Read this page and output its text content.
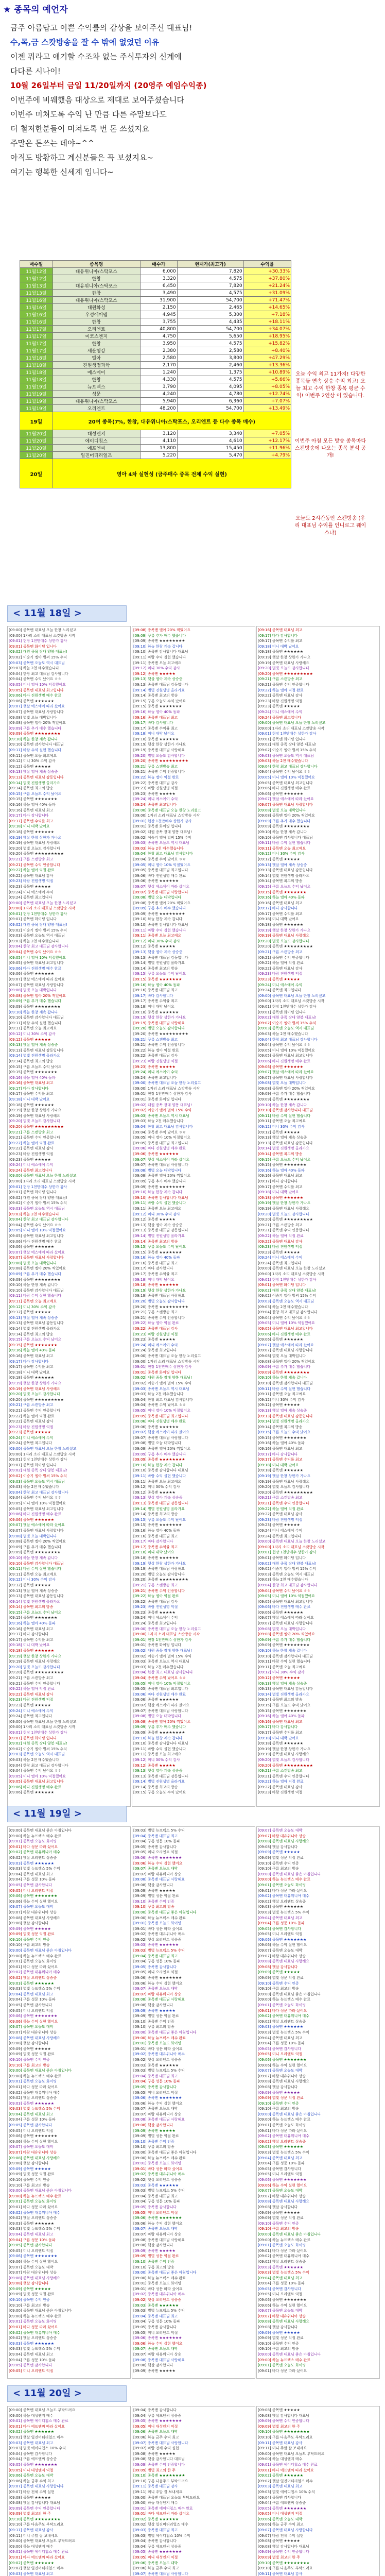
★ 종목의 예언자

금주 아름답고 이쁜 수익률의 감상을 보여주신 대표님!

수,목,금 스캇방송을 잘 수 밖에 없었던 이유

이젠 뭐라고 얘기할 수조차 없는 주식투자의 신계에

다다른 시나이!

10월 26일부터 금일 11/20일까지 (20영주 예임수익종)

이번주에 비웨했음 대상으로 제대로 보여주셨습니다

이번주 미쳐도록 수익 난 만큼 다른 주말보다도

더 철저한분들이 미쳐도록 번 돈 쓰셨지요

주말은 돈쓰는 데야~^^

아직도 방황하고 계신분들은 꼭 보셨지요~

여기는 행복한 신세계 입니다~

매수일	종목명	매수가	현재가(최고가)	수익률
11월12일	대유위니아/스탁포스	6,000	7,820	+30.33%
11월12일	한창	3,320	4,575	+37.80%
11월13일	대유위니아/스탁포스	6,450	7,820	+21.24%
11월13일	한창	3,490	4,575	+31.09%
11월16일	대유위니아/스탁포스	31,900	54,700	+71.47%
11월16일	대원화성	2,150	2,465	+14.65%
11월16일	우성에이엠	4,945	5,300	+7.18%
11월16일	한창	3,755	4,435	+18.11%
11월17일	오리엔트	40,800	54,700	+34.07%
11월17일	미코스엔지	4,750	5,650	+18.95%
11월17일	한창	3,950	4,575	+15.82%
11월17일	세운행강	2,380	2,580	+8.40%
11월18일	엘아	2,580	3,800	+47.29%
11월18일	진원생명과학	2,170	2,460	+13.36%
11월18일	에스에이	1,240	1,375	+10.89%
11월18일	한창	4,330	4,575	+5.66%
11월19일	뉴프렉스	3,790	4,095	+8.05%
11월19일	성문	4,240	4,780	+12.74%
11월19일	대유위니아/스탁포스	5,940	6,360	+7.07%
11월19일	오리엔트	48,200	54,700	+13.49%
19일	20여 종목(7%, 한창, 대유위니아/스탁포스, 오리엔트 등 다수 종목 매수)			
11월20일	대성엔지	3,120	3,340	+7.05%
11월20일	에이디칩스	4,110	4,610	+12.17%
11월20일	에프엔씨	13,800	15,450	+11.96%
11월20일	일진머티리얼즈	5,220	5,470	+4.79%
20일	영아 4차 실현성 (금주매수 중목 전체 수익 실현)			
오늘 수익 최고 11가지! 다양한 종목들 연속 상승 수익 최고! 오늘 최고 수익 한창 종목 평균 수익! 이번주 2연상 이 있습니다.
이번주 아침 모든 방송 종목마다 스캔방송에 나오는 종목 분석 공개!
오늘도 2시간동안 스캔방송 (우리 대표님 수익률 인니로그 웨이스냐)
< 11월 18일 >
[09:00] 종목맨 대표님 오늘 한창 노리셨고
[09:00] 1자리 소리 대표님 스캇방송 시작
[09:01] 현장 1천만매수 상한가 감사
[09:01] 종목맨 화이팅 입니다
[09:02] 대원 종목 장대 양봉 대표님!
[09:02] 이승기 엘아 벌써 15% 수익
[09:03] 종목맨 오늘도 역시 대표님
[09:03] 하늘 2천 매수했습니다
[09:04] 한창 최고 대표님 감사합니다
[09:04] 종목맨 수익 났어요 ㅎㅎ
[09:05] 미니 엘아 10% 익절했어요
[09:05] 종목맨 대표님 최고입니다
[09:06] 바다 진원생명 매수 완료
[09:06] 종목맨 ★★★★★★
[09:07] 햇살 에스에이 따라 샀어요
[09:07] 종목맨 대표님 사랑합니다
[09:08] 별빛 오늘 대박입니다
[09:08] 종목맨 엘아 20% 찍었어요
[09:09] 구름 추가 매수 했습니다
[09:09] 종목맨 ★★★★★★★★
[09:10] 하늘 한창 계속 갑니다
[09:10] 종목맨 감사합니다 대표님
[09:11] 바람 수익 실현 했습니다
[09:11] 종목맨 오늘 최고예요
[09:12] 미니 30% 수익 감사
[09:12] 종목맨 ★★★★★
[09:13] 햇살 엘아 계속 상승중
[09:13] 종목맨 대표님 감동입니다
[09:14] 별빛 진원생명 올라가요
[09:14] 종목맨 최고의 방송
[09:15] 구름 오늘도 수익 났어요
[09:15] 종목맨 ★★★★★★★
[09:16] 하늘 엘아 40% 돌파
[09:16] 종목맨 대표님 최고
[09:17] 바다 감사합니다
[09:17] 종목맨 수익률 최고
[09:18] 미니 대박 났어요
[09:18] 종목맨 ★★★★★★
[09:19] 햇살 한창 상한가 가나요
[09:19] 종목맨 대표님 사랑해요
[09:20] 별빛 오늘도 감사합니다
[09:20] 종목맨 ★★★★★★★★★
[09:21] 구름 스캔방송 최고
[09:21] 종목맨 수익 인증합니다
[09:22] 하늘 엘아 익절 완료
[09:22] 종목맨 대표님 감사
[09:23] 바람 진원생명 익절
[09:23] 종목맨 ★★★★★
[09:24] 미니 에스에이 수익
[09:24] 종목맨 최고입니다
[09:00] 종목맨 대표님 오늘 한창 노리셨고
[09:00] 1자리 소리 대표님 스캇방송 시작
[09:01] 현장 1천만매수 상한가 감사
[09:01] 종목맨 화이팅 입니다
[09:02] 대원 종목 장대 양봉 대표님!
[09:02] 이승기 엘아 벌써 15% 수익
[09:03] 종목맨 오늘도 역시 대표님
[09:03] 하늘 2천 매수했습니다
[09:04] 한창 최고 대표님 감사합니다
[09:04] 종목맨 수익 났어요 ㅎㅎ
[09:05] 미니 엘아 10% 익절했어요
[09:05] 종목맨 대표님 최고입니다
[09:06] 바다 진원생명 매수 완료
[09:06] 종목맨 ★★★★★★
[09:07] 햇살 에스에이 따라 샀어요
[09:07] 종목맨 대표님 사랑합니다
[09:08] 별빛 오늘 대박입니다
[09:08] 종목맨 엘아 20% 찍었어요
[09:09] 구름 추가 매수 했습니다
[09:09] 종목맨 ★★★★★★★★
[09:10] 하늘 한창 계속 갑니다
[09:10] 종목맨 감사합니다 대표님
[09:11] 바람 수익 실현 했습니다
[09:11] 종목맨 오늘 최고예요
[09:12] 미니 30% 수익 감사
[09:12] 종목맨 ★★★★★
[09:13] 햇살 엘아 계속 상승중
[09:13] 종목맨 대표님 감동입니다
[09:14] 별빛 진원생명 올라가요
[09:14] 종목맨 최고의 방송
[09:15] 구름 오늘도 수익 났어요
[09:15] 종목맨 ★★★★★★★
[09:16] 하늘 엘아 40% 돌파
[09:16] 종목맨 대표님 최고
[09:17] 바다 감사합니다
[09:17] 종목맨 수익률 최고
[09:18] 미니 대박 났어요
[09:18] 종목맨 ★★★★★★
[09:19] 햇살 한창 상한가 가나요
[09:19] 종목맨 대표님 사랑해요
[09:20] 별빛 오늘도 감사합니다
[09:20] 종목맨 ★★★★★★★★★
[09:21] 구름 스캔방송 최고
[09:21] 종목맨 수익 인증합니다
[09:22] 하늘 엘아 익절 완료
[09:22] 종목맨 대표님 감사
[09:23] 바람 진원생명 익절
[09:23] 종목맨 ★★★★★
[09:24] 미니 에스에이 수익
[09:24] 종목맨 최고입니다
[09:00] 종목맨 대표님 오늘 한창 노리셨고
[09:00] 1자리 소리 대표님 스캇방송 시작
[09:01] 현장 1천만매수 상한가 감사
[09:01] 종목맨 화이팅 입니다
[09:02] 대원 종목 장대 양봉 대표님!
[09:02] 이승기 엘아 벌써 15% 수익
[09:03] 종목맨 오늘도 역시 대표님
[09:03] 하늘 2천 매수했습니다
[09:04] 한창 최고 대표님 감사합니다
[09:04] 종목맨 수익 났어요 ㅎㅎ
[09:05] 미니 엘아 10% 익절했어요
[09:05] 종목맨 대표님 최고입니다
[09:06] 바다 진원생명 매수 완료
[09:06] 종목맨 ★★★★★★
[09:07] 햇살 에스에이 따라 샀어요
[09:07] 종목맨 대표님 사랑합니다
[09:08] 별빛 오늘 대박입니다
[09:08] 종목맨 엘아 20% 찍었어요
[09:09] 구름 추가 매수 했습니다
[09:09] 종목맨 ★★★★★★★★
[09:10] 하늘 한창 계속 갑니다
[09:10] 종목맨 감사합니다 대표님
[09:11] 바람 수익 실현 했습니다
[09:11] 종목맨 오늘 최고예요
[09:12] 미니 30% 수익 감사
[09:12] 종목맨 ★★★★★
[09:13] 햇살 엘아 계속 상승중
[09:13] 종목맨 대표님 감동입니다
[09:14] 별빛 진원생명 올라가요
[09:14] 종목맨 최고의 방송
[09:15] 구름 오늘도 수익 났어요
[09:15] 종목맨 ★★★★★★★
[09:16] 하늘 엘아 40% 돌파
[09:16] 종목맨 대표님 최고
[09:17] 바다 감사합니다
[09:17] 종목맨 수익률 최고
[09:18] 미니 대박 났어요
[09:18] 종목맨 ★★★★★★
[09:19] 햇살 한창 상한가 가나요
[09:19] 종목맨 대표님 사랑해요
[09:20] 별빛 오늘도 감사합니다
[09:20] 종목맨 ★★★★★★★★★
[09:21] 구름 스캔방송 최고
[09:21] 종목맨 수익 인증합니다
[09:22] 하늘 엘아 익절 완료
[09:22] 종목맨 대표님 감사
[09:23] 바람 진원생명 익절
[09:23] 종목맨 ★★★★★
[09:24] 미니 에스에이 수익
[09:24] 종목맨 최고입니다
[09:00] 종목맨 대표님 오늘 한창 노리셨고
[09:00] 1자리 소리 대표님 스캇방송 시작
[09:01] 현장 1천만매수 상한가 감사
[09:01] 종목맨 화이팅 입니다
[09:02] 대원 종목 장대 양봉 대표님!
[09:02] 이승기 엘아 벌써 15% 수익
[09:03] 종목맨 오늘도 역시 대표님
[09:03] 하늘 2천 매수했습니다
[09:04] 한창 최고 대표님 감사합니다
[09:04] 종목맨 수익 났어요 ㅎㅎ
[09:05] 미니 엘아 10% 익절했어요
[09:05] 종목맨 대표님 최고입니다
[09:06] 바다 진원생명 매수 완료
[09:06] 종목맨 ★★★★★★
[09:07] 햇살 에스에이 따라 샀어요
[09:07] 종목맨 대표님 사랑합니다
[09:08] 별빛 오늘 대박입니다
[09:08] 종목맨 엘아 20% 찍었어요
[09:09] 구름 추가 매수 했습니다
[09:09] 종목맨 ★★★★★★★★
[09:10] 하늘 한창 계속 갑니다
[09:10] 종목맨 감사합니다 대표님
[09:11] 바람 수익 실현 했습니다
[09:11] 종목맨 오늘 최고예요
[09:12] 미니 30% 수익 감사
[09:12] 종목맨 ★★★★★
[09:13] 햇살 엘아 계속 상승중
[09:13] 종목맨 대표님 감동입니다
[09:14] 별빛 진원생명 올라가요
[09:14] 종목맨 최고의 방송
[09:15] 구름 오늘도 수익 났어요
[09:15] 종목맨 ★★★★★★★
[09:16] 하늘 엘아 40% 돌파
[09:16] 종목맨 대표님 최고
[09:17] 바다 감사합니다
[09:17] 종목맨 수익률 최고
[09:18] 미니 대박 났어요
[09:18] 종목맨 ★★★★★★
[09:19] 햇살 한창 상한가 가나요
[09:19] 종목맨 대표님 사랑해요
[09:20] 별빛 오늘도 감사합니다
[09:20] 종목맨 ★★★★★★★★★
[09:21] 구름 스캔방송 최고
[09:21] 종목맨 수익 인증합니다
[09:22] 하늘 엘아 익절 완료
[09:22] 종목맨 대표님 감사
[09:23] 바람 진원생명 익절
[09:23] 종목맨 ★★★★★
[09:24] 미니 에스에이 수익
[09:24] 종목맨 최고입니다
[09:00] 종목맨 대표님 오늘 한창 노리셨고
[09:00] 1자리 소리 대표님 스캇방송 시작
[09:01] 현장 1천만매수 상한가 감사
[09:01] 종목맨 화이팅 입니다
[09:02] 대원 종목 장대 양봉 대표님!
[09:02] 이승기 엘아 벌써 15% 수익
[09:03] 종목맨 오늘도 역시 대표님
[09:03] 하늘 2천 매수했습니다
[09:04] 한창 최고 대표님 감사합니다
[09:04] 종목맨 수익 났어요 ㅎㅎ
[09:05] 미니 엘아 10% 익절했어요
[09:05] 종목맨 대표님 최고입니다
[09:06] 바다 진원생명 매수 완료
[09:06] 종목맨 ★★★★★★
[09:08] 종목맨 엘아 20% 찍었어요
[09:09] 구름 추가 매수 했습니다
[09:09] 종목맨 ★★★★★★★★
[09:10] 하늘 한창 계속 갑니다
[09:10] 종목맨 감사합니다 대표님
[09:11] 바람 수익 실현 했습니다
[09:11] 종목맨 오늘 최고예요
[09:12] 미니 30% 수익 감사
[09:12] 종목맨 ★★★★★
[09:13] 햇살 엘아 계속 상승중
[09:13] 종목맨 대표님 감동입니다
[09:14] 별빛 진원생명 올라가요
[09:14] 종목맨 최고의 방송
[09:15] 구름 오늘도 수익 났어요
[09:15] 종목맨 ★★★★★★★
[09:16] 하늘 엘아 40% 돌파
[09:16] 종목맨 대표님 최고
[09:17] 바다 감사합니다
[09:17] 종목맨 수익률 최고
[09:18] 미니 대박 났어요
[09:18] 종목맨 ★★★★★★
[09:19] 햇살 한창 상한가 가나요
[09:19] 종목맨 대표님 사랑해요
[09:20] 별빛 오늘도 감사합니다
[09:20] 종목맨 ★★★★★★★★★
[09:21] 구름 스캔방송 최고
[09:21] 종목맨 수익 인증합니다
[09:22] 하늘 엘아 익절 완료
[09:22] 종목맨 대표님 감사
[09:23] 바람 진원생명 익절
[09:23] 종목맨 ★★★★★
[09:24] 미니 에스에이 수익
[09:24] 종목맨 최고입니다
[09:00] 종목맨 대표님 오늘 한창 노리셨고
[09:00] 1자리 소리 대표님 스캇방송 시작
[09:01] 현장 1천만매수 상한가 감사
[09:01] 종목맨 화이팅 입니다
[09:02] 대원 종목 장대 양봉 대표님!
[09:02] 이승기 엘아 벌써 15% 수익
[09:03] 종목맨 오늘도 역시 대표님
[09:03] 하늘 2천 매수했습니다
[09:04] 한창 최고 대표님 감사합니다
[09:04] 종목맨 수익 났어요 ㅎㅎ
[09:05] 미니 엘아 10% 익절했어요
[09:05] 종목맨 대표님 최고입니다
[09:06] 바다 진원생명 매수 완료
[09:06] 종목맨 ★★★★★★
[09:07] 햇살 에스에이 따라 샀어요
[09:07] 종목맨 대표님 사랑합니다
[09:08] 별빛 오늘 대박입니다
[09:08] 종목맨 엘아 20% 찍었어요
[09:09] 구름 추가 매수 했습니다
[09:09] 종목맨 ★★★★★★★★
[09:10] 하늘 한창 계속 갑니다
[09:10] 종목맨 감사합니다 대표님
[09:11] 바람 수익 실현 했습니다
[09:11] 종목맨 오늘 최고예요
[09:12] 미니 30% 수익 감사
[09:12] 종목맨 ★★★★★
[09:13] 햇살 엘아 계속 상승중
[09:13] 종목맨 대표님 감동입니다
[09:14] 별빛 진원생명 올라가요
[09:14] 종목맨 최고의 방송
[09:15] 구름 오늘도 수익 났어요
[09:15] 종목맨 ★★★★★★★
[09:16] 하늘 엘아 40% 돌파
[09:16] 종목맨 대표님 최고
[09:17] 바다 감사합니다
[09:17] 종목맨 수익률 최고
[09:18] 미니 대박 났어요
[09:18] 종목맨 ★★★★★★
[09:19] 햇살 한창 상한가 가나요
[09:19] 종목맨 대표님 사랑해요
[09:20] 별빛 오늘도 감사합니다
[09:20] 종목맨 ★★★★★★★★★
[09:21] 구름 스캔방송 최고
[09:21] 종목맨 수익 인증합니다
[09:22] 하늘 엘아 익절 완료
[09:22] 종목맨 대표님 감사
[09:23] 바람 진원생명 익절
[09:23] 종목맨 ★★★★★
[09:24] 미니 에스에이 수익
[09:24] 종목맨 최고입니다
[09:00] 종목맨 대표님 오늘 한창 노리셨고
[09:00] 1자리 소리 대표님 스캇방송 시작
[09:01] 현장 1천만매수 상한가 감사
[09:01] 종목맨 화이팅 입니다
[09:02] 대원 종목 장대 양봉 대표님!
[09:02] 이승기 엘아 벌써 15% 수익
[09:03] 종목맨 오늘도 역시 대표님
[09:03] 하늘 2천 매수했습니다
[09:04] 한창 최고 대표님 감사합니다
[09:04] 종목맨 수익 났어요 ㅎㅎ
[09:05] 미니 엘아 10% 익절했어요
[09:05] 종목맨 대표님 최고입니다
[09:06] 바다 진원생명 매수 완료
[09:06] 종목맨 ★★★★★★
[09:07] 햇살 에스에이 따라 샀어요
[09:07] 종목맨 대표님 사랑합니다
[09:08] 별빛 오늘 대박입니다
[09:08] 종목맨 엘아 20% 찍었어요
[09:09] 구름 추가 매수 했습니다
[09:09] 종목맨 ★★★★★★★★
[09:10] 하늘 한창 계속 갑니다
[09:10] 종목맨 감사합니다 대표님
[09:11] 바람 수익 실현 했습니다
[09:11] 종목맨 오늘 최고예요
[09:12] 미니 30% 수익 감사
[09:12] 종목맨 ★★★★★
[09:13] 햇살 엘아 계속 상승중
[09:13] 종목맨 대표님 감동입니다
[09:14] 별빛 진원생명 올라가요
[09:14] 종목맨 최고의 방송
[09:15] 구름 오늘도 수익 났어요
[09:15] 종목맨 ★★★★★★★
[09:16] 하늘 엘아 40% 돌파
[09:16] 종목맨 대표님 최고
[09:17] 바다 감사합니다
[09:17] 종목맨 수익률 최고
[09:18] 미니 대박 났어요
[09:18] 종목맨 ★★★★★★
[09:19] 햇살 한창 상한가 가나요
[09:19] 종목맨 대표님 사랑해요
[09:20] 별빛 오늘도 감사합니다
[09:20] 종목맨 ★★★★★★★★★
[09:21] 구름 스캔방송 최고
[09:21] 종목맨 수익 인증합니다
[09:22] 하늘 엘아 익절 완료
[09:22] 종목맨 대표님 감사
[09:23] 바람 진원생명 익절
[09:23] 종목맨 ★★★★★
[09:24] 미니 에스에이 수익
[09:24] 종목맨 최고입니다
[09:00] 종목맨 대표님 오늘 한창 노리셨고
[09:00] 1자리 소리 대표님 스캇방송 시작
[09:01] 현장 1천만매수 상한가 감사
[09:01] 종목맨 화이팅 입니다
[09:02] 대원 종목 장대 양봉 대표님!
[09:02] 이승기 엘아 벌써 15% 수익
[09:03] 종목맨 오늘도 역시 대표님
[09:03] 하늘 2천 매수했습니다
[09:04] 한창 최고 대표님 감사합니다
[09:04] 종목맨 수익 났어요 ㅎㅎ
[09:05] 미니 엘아 10% 익절했어요
[09:05] 종목맨 대표님 최고입니다
[09:06] 바다 진원생명 매수 완료
[09:06] 종목맨 ★★★★★★
[09:07] 햇살 에스에이 따라 샀어요
[09:07] 종목맨 대표님 사랑합니다
[09:08] 별빛 오늘 대박입니다
[09:08] 종목맨 엘아 20% 찍었어요
[09:09] 구름 추가 매수 했습니다
[09:09] 종목맨 ★★★★★★★★
[09:10] 하늘 한창 계속 갑니다
[09:10] 종목맨 감사합니다 대표님
[09:11] 바람 수익 실현 했습니다
[09:11] 종목맨 오늘 최고예요
[09:12] 미니 30% 수익 감사
[09:12] 종목맨 ★★★★★
[09:13] 햇살 엘아 계속 상승중
[09:13] 종목맨 대표님 감동입니다
[09:14] 별빛 진원생명 올라가요
[09:14] 종목맨 최고의 방송
[09:15] 구름 오늘도 수익 났어요
[09:15] 종목맨 ★★★★★★★
[09:16] 하늘 엘아 40% 돌파
[09:16] 종목맨 대표님 최고
[09:17] 바다 감사합니다
[09:17] 종목맨 수익률 최고
[09:18] 미니 대박 났어요
[09:18] 종목맨 ★★★★★★
[09:19] 햇살 한창 상한가 가나요
[09:19] 종목맨 대표님 사랑해요
[09:20] 별빛 오늘도 감사합니다
[09:20] 종목맨 ★★★★★★★★★
[09:21] 구름 스캔방송 최고
[09:21] 종목맨 수익 인증합니다
[09:22] 하늘 엘아 익절 완료
[09:22] 종목맨 대표님 감사
[09:23] 바람 진원생명 익절
[09:23] 종목맨 ★★★★★
[09:24] 미니 에스에이 수익
[09:24] 종목맨 최고입니다
[09:00] 종목맨 대표님 오늘 한창 노리셨고
[09:00] 1자리 소리 대표님 스캇방송 시작
[09:01] 현장 1천만매수 상한가 감사
[09:01] 종목맨 화이팅 입니다
[09:02] 대원 종목 장대 양봉 대표님!
[09:02] 이승기 엘아 벌써 15% 수익
[09:03] 종목맨 오늘도 역시 대표님
[09:03] 하늘 2천 매수했습니다
[09:04] 한창 최고 대표님 감사합니다
[09:04] 종목맨 수익 났어요 ㅎㅎ
[09:05] 미니 엘아 10% 익절했어요
[09:05] 종목맨 대표님 최고입니다
[09:06] 바다 진원생명 매수 완료
[09:06] 종목맨 ★★★★★★
[09:07] 햇살 에스에이 따라 샀어요
[09:07] 종목맨 대표님 사랑합니다
[09:08] 별빛 오늘 대박입니다
[09:08] 종목맨 엘아 20% 찍었어요
[09:09] 구름 추가 매수 했습니다
[09:09] 종목맨 ★★★★★★★★
[09:10] 하늘 한창 계속 갑니다
[09:10] 종목맨 감사합니다 대표님
[09:11] 바람 수익 실현 했습니다
[09:11] 종목맨 오늘 최고예요
[09:12] 미니 30% 수익 감사
[09:12] 종목맨 ★★★★★
[09:13] 햇살 엘아 계속 상승중
[09:13] 종목맨 대표님 감동입니다
[09:14] 별빛 진원생명 올라가요
[09:14] 종목맨 최고의 방송
[09:15] 구름 오늘도 수익 났어요
[09:16] 종목맨 대표님 최고
[09:17] 바다 감사합니다
[09:17] 종목맨 수익률 최고
[09:18] 미니 대박 났어요
[09:18] 종목맨 ★★★★★★
[09:19] 햇살 한창 상한가 가나요
[09:19] 종목맨 대표님 사랑해요
[09:20] 별빛 오늘도 감사합니다
[09:20] 종목맨 ★★★★★★★★★
[09:21] 구름 스캔방송 최고
[09:21] 종목맨 수익 인증합니다
[09:22] 하늘 엘아 익절 완료
[09:22] 종목맨 대표님 감사
[09:23] 바람 진원생명 익절
[09:23] 종목맨 ★★★★★
[09:24] 미니 에스에이 수익
[09:24] 종목맨 최고입니다
[09:00] 종목맨 대표님 오늘 한창 노리셨고
[09:00] 1자리 소리 대표님 스캇방송 시작
[09:01] 현장 1천만매수 상한가 감사
[09:01] 종목맨 화이팅 입니다
[09:02] 대원 종목 장대 양봉 대표님!
[09:02] 이승기 엘아 벌써 15% 수익
[09:03] 종목맨 오늘도 역시 대표님
[09:03] 하늘 2천 매수했습니다
[09:04] 한창 최고 대표님 감사합니다
[09:04] 종목맨 수익 났어요 ㅎㅎ
[09:05] 미니 엘아 10% 익절했어요
[09:05] 종목맨 대표님 최고입니다
[09:06] 바다 진원생명 매수 완료
[09:06] 종목맨 ★★★★★★
[09:07] 햇살 에스에이 따라 샀어요
[09:07] 종목맨 대표님 사랑합니다
[09:08] 별빛 오늘 대박입니다
[09:08] 종목맨 엘아 20% 찍었어요
[09:09] 구름 추가 매수 했습니다
[09:09] 종목맨 ★★★★★★★★
[09:10] 하늘 한창 계속 갑니다
[09:10] 종목맨 감사합니다 대표님
[09:11] 바람 수익 실현 했습니다
[09:11] 종목맨 오늘 최고예요
[09:12] 미니 30% 수익 감사
[09:12] 종목맨 ★★★★★
[09:13] 햇살 엘아 계속 상승중
[09:13] 종목맨 대표님 감동입니다
[09:14] 별빛 진원생명 올라가요
[09:14] 종목맨 최고의 방송
[09:15] 구름 오늘도 수익 났어요
[09:15] 종목맨 ★★★★★★★
[09:16] 하늘 엘아 40% 돌파
[09:16] 종목맨 대표님 최고
[09:17] 바다 감사합니다
[09:17] 종목맨 수익률 최고
[09:18] 미니 대박 났어요
[09:18] 종목맨 ★★★★★★
[09:19] 햇살 한창 상한가 가나요
[09:19] 종목맨 대표님 사랑해요
[09:20] 별빛 오늘도 감사합니다
[09:20] 종목맨 ★★★★★★★★★
[09:21] 구름 스캔방송 최고
[09:21] 종목맨 수익 인증합니다
[09:22] 하늘 엘아 익절 완료
[09:22] 종목맨 대표님 감사
[09:23] 바람 진원생명 익절
[09:23] 종목맨 ★★★★★
[09:24] 미니 에스에이 수익
[09:24] 종목맨 최고입니다
[09:00] 종목맨 대표님 오늘 한창 노리셨고
[09:00] 1자리 소리 대표님 스캇방송 시작
[09:01] 현장 1천만매수 상한가 감사
[09:01] 종목맨 화이팅 입니다
[09:02] 대원 종목 장대 양봉 대표님!
[09:02] 이승기 엘아 벌써 15% 수익
[09:03] 종목맨 오늘도 역시 대표님
[09:03] 하늘 2천 매수했습니다
[09:04] 한창 최고 대표님 감사합니다
[09:04] 종목맨 수익 났어요 ㅎㅎ
[09:05] 미니 엘아 10% 익절했어요
[09:05] 종목맨 대표님 최고입니다
[09:06] 바다 진원생명 매수 완료
[09:06] 종목맨 ★★★★★★
[09:07] 햇살 에스에이 따라 샀어요
[09:07] 종목맨 대표님 사랑합니다
[09:08] 별빛 오늘 대박입니다
[09:08] 종목맨 엘아 20% 찍었어요
[09:09] 구름 추가 매수 했습니다
[09:09] 종목맨 ★★★★★★★★
[09:10] 하늘 한창 계속 갑니다
[09:10] 종목맨 감사합니다 대표님
[09:11] 바람 수익 실현 했습니다
[09:11] 종목맨 오늘 최고예요
[09:12] 미니 30% 수익 감사
[09:12] 종목맨 ★★★★★
[09:13] 햇살 엘아 계속 상승중
[09:13] 종목맨 대표님 감동입니다
[09:14] 별빛 진원생명 올라가요
[09:14] 종목맨 최고의 방송
[09:15] 구름 오늘도 수익 났어요
[09:15] 종목맨 ★★★★★★★
[09:16] 하늘 엘아 40% 돌파
[09:16] 종목맨 대표님 최고
[09:17] 바다 감사합니다
[09:17] 종목맨 수익률 최고
[09:18] 미니 대박 났어요
[09:18] 종목맨 ★★★★★★
[09:19] 햇살 한창 상한가 가나요
[09:19] 종목맨 대표님 사랑해요
[09:20] 별빛 오늘도 감사합니다
[09:20] 종목맨 ★★★★★★★★★
[09:21] 구름 스캔방송 최고
[09:21] 종목맨 수익 인증합니다
[09:22] 하늘 엘아 익절 완료
[09:22] 종목맨 대표님 감사
[09:23] 바람 진원생명 익절
[09:23] 종목맨 ★★★★★
[09:24] 미니 에스에이 수익
[09:24] 종목맨 최고입니다
[09:00] 종목맨 대표님 오늘 한창 노리셨고
[09:00] 1자리 소리 대표님 스캇방송 시작
[09:01] 현장 1천만매수 상한가 감사
[09:01] 종목맨 화이팅 입니다
[09:02] 대원 종목 장대 양봉 대표님!
[09:02] 이승기 엘아 벌써 15% 수익
[09:03] 종목맨 오늘도 역시 대표님
[09:03] 하늘 2천 매수했습니다
[09:04] 한창 최고 대표님 감사합니다
[09:04] 종목맨 수익 났어요 ㅎㅎ
[09:05] 미니 엘아 10% 익절했어요
[09:05] 종목맨 대표님 최고입니다
[09:06] 바다 진원생명 매수 완료
[09:06] 종목맨 ★★★★★★
[09:07] 햇살 에스에이 따라 샀어요
[09:07] 종목맨 대표님 사랑합니다
[09:08] 별빛 오늘 대박입니다
[09:08] 종목맨 엘아 20% 찍었어요
[09:09] 구름 추가 매수 했습니다
[09:09] 종목맨 ★★★★★★★★
[09:10] 하늘 한창 계속 갑니다
[09:10] 종목맨 감사합니다 대표님
[09:11] 바람 수익 실현 했습니다
[09:11] 종목맨 오늘 최고예요
[09:12] 미니 30% 수익 감사
[09:12] 종목맨 ★★★★★
[09:13] 햇살 엘아 계속 상승중
[09:13] 종목맨 대표님 감동입니다
[09:14] 별빛 진원생명 올라가요
[09:14] 종목맨 최고의 방송
[09:15] 구름 오늘도 수익 났어요
[09:15] 종목맨 ★★★★★★★
[09:16] 하늘 엘아 40% 돌파
[09:16] 종목맨 대표님 최고
[09:17] 바다 감사합니다
[09:17] 종목맨 수익률 최고
[09:18] 미니 대박 났어요
[09:18] 종목맨 ★★★★★★
[09:19] 햇살 한창 상한가 가나요
[09:19] 종목맨 대표님 사랑해요
[09:20] 별빛 오늘도 감사합니다
[09:20] 종목맨 ★★★★★★★★★
[09:21] 구름 스캔방송 최고
[09:21] 종목맨 수익 인증합니다
[09:22] 하늘 엘아 익절 완료
[09:22] 종목맨 대표님 감사
[09:23] 바람 진원생명 익절
[09:23] 종목맨 ★★★★★
[09:24] 미니 에스에이 수익
[09:24] 종목맨 최고입니다
[09:00] 종목맨 대표님 오늘 한창 노리셨고
[09:00] 1자리 소리 대표님 스캇방송 시작
[09:01] 현장 1천만매수 상한가 감사
[09:01] 종목맨 화이팅 입니다
[09:02] 대원 종목 장대 양봉 대표님!
[09:02] 이승기 엘아 벌써 15% 수익
[09:03] 종목맨 오늘도 역시 대표님
[09:03] 하늘 2천 매수했습니다
[09:04] 한창 최고 대표님 감사합니다
[09:04] 종목맨 수익 났어요 ㅎㅎ
[09:05] 미니 엘아 10% 익절했어요
[09:05] 종목맨 대표님 최고입니다
[09:06] 바다 진원생명 매수 완료
[09:06] 종목맨 ★★★★★★
[09:07] 햇살 에스에이 따라 샀어요
[09:07] 종목맨 대표님 사랑합니다
[09:08] 별빛 오늘 대박입니다
[09:08] 종목맨 엘아 20% 찍었어요
[09:09] 구름 추가 매수 했습니다
[09:09] 종목맨 ★★★★★★★★
[09:10] 하늘 한창 계속 갑니다
[09:10] 종목맨 감사합니다 대표님
[09:11] 바람 수익 실현 했습니다
[09:11] 종목맨 오늘 최고예요
[09:12] 미니 30% 수익 감사
[09:12] 종목맨 ★★★★★
[09:13] 햇살 엘아 계속 상승중
[09:13] 종목맨 대표님 감동입니다
[09:14] 별빛 진원생명 올라가요
[09:14] 종목맨 최고의 방송
[09:15] 구름 오늘도 수익 났어요
[09:15] 종목맨 ★★★★★★★
[09:16] 하늘 엘아 40% 돌파
[09:16] 종목맨 대표님 최고
[09:17] 바다 감사합니다
[09:17] 종목맨 수익률 최고
[09:18] 미니 대박 났어요
[09:18] 종목맨 ★★★★★★
[09:19] 햇살 한창 상한가 가나요
[09:19] 종목맨 대표님 사랑해요
[09:20] 별빛 오늘도 감사합니다
[09:20] 종목맨 ★★★★★★★★★
[09:21] 구름 스캔방송 최고
[09:21] 종목맨 수익 인증합니다
[09:22] 하늘 엘아 익절 완료
[09:22] 종목맨 대표님 감사
[09:23] 바람 진원생명 익절
< 11월 19일 >
[09:00] 종목맨 대표님 좋은 아침입니다
[09:00] 하늘 뉴프렉스 매수 완료
[09:01] 종목맨 오늘도 화이팅
[09:01] 바다 성문 따라 샀어요
[09:02] 종목맨 대유위니아 매수
[09:02] 햇살 오리엔트 상승중
[09:03] 종목맨 ★★★★★★
[09:03] 별빛 뉴프렉스 5% 수익
[09:04] 종목맨 대표님 최고
[09:04] 구름 성문 10% 돌파
[09:05] 종목맨 감사합니다
[09:05] 미니 오리엔트 익절
[09:06] 종목맨 ★★★★★★★
[09:06] 하늘 수익 실현 했어요
[09:07] 종목맨 오늘도 대박
[09:07] 바람 대유위니아 상승
[09:08] 종목맨 대표님 사랑해요
[09:08] 햇살 감사합니다
[09:09] 종목맨 ★★★★★
[09:09] 별빛 성문 익절 완료
[09:10] 종목맨 수익 인증
[09:10] 구름 최고의 방송
[09:00] 종목맨 대표님 좋은 아침입니다
[09:00] 하늘 뉴프렉스 매수 완료
[09:01] 종목맨 오늘도 화이팅
[09:01] 바다 성문 따라 샀어요
[09:02] 종목맨 대유위니아 매수
[09:02] 햇살 오리엔트 상승중
[09:03] 종목맨 ★★★★★★
[09:03] 별빛 뉴프렉스 5% 수익
[09:04] 종목맨 대표님 최고
[09:04] 구름 성문 10% 돌파
[09:05] 종목맨 감사합니다
[09:05] 미니 오리엔트 익절
[09:06] 종목맨 ★★★★★★★
[09:06] 하늘 수익 실현 했어요
[09:07] 종목맨 오늘도 대박
[09:07] 바람 대유위니아 상승
[09:08] 종목맨 대표님 사랑해요
[09:08] 햇살 감사합니다
[09:09] 종목맨 ★★★★★
[09:09] 별빛 성문 익절 완료
[09:10] 종목맨 수익 인증
[09:10] 구름 최고의 방송
[09:00] 종목맨 대표님 좋은 아침입니다
[09:00] 하늘 뉴프렉스 매수 완료
[09:01] 종목맨 오늘도 화이팅
[09:01] 바다 성문 따라 샀어요
[09:02] 종목맨 대유위니아 매수
[09:02] 햇살 오리엔트 상승중
[09:03] 종목맨 ★★★★★★
[09:03] 별빛 뉴프렉스 5% 수익
[09:04] 종목맨 대표님 최고
[09:04] 구름 성문 10% 돌파
[09:05] 종목맨 감사합니다
[09:05] 미니 오리엔트 익절
[09:06] 종목맨 ★★★★★★★
[09:06] 하늘 수익 실현 했어요
[09:07] 종목맨 오늘도 대박
[09:07] 바람 대유위니아 상승
[09:08] 종목맨 대표님 사랑해요
[09:08] 햇살 감사합니다
[09:09] 종목맨 ★★★★★
[09:09] 별빛 성문 익절 완료
[09:10] 종목맨 수익 인증
[09:10] 구름 최고의 방송
[09:00] 종목맨 대표님 좋은 아침입니다
[09:00] 하늘 뉴프렉스 매수 완료
[09:01] 종목맨 오늘도 화이팅
[09:01] 바다 성문 따라 샀어요
[09:02] 종목맨 대유위니아 매수
[09:02] 햇살 오리엔트 상승중
[09:03] 종목맨 ★★★★★★
[09:03] 별빛 뉴프렉스 5% 수익
[09:04] 종목맨 대표님 최고
[09:04] 구름 성문 10% 돌파
[09:05] 종목맨 감사합니다
[09:05] 미니 오리엔트 익절
[09:06] 종목맨 ★★★★★★★
[09:06] 하늘 수익 실현 했어요
[09:07] 종목맨 오늘도 대박
[09:07] 바람 대유위니아 상승
[09:08] 종목맨 대표님 사랑해요
[09:08] 햇살 감사합니다
[09:09] 종목맨 ★★★★★
[09:09] 별빛 성문 익절 완료
[09:10] 종목맨 수익 인증
[09:10] 구름 최고의 방송
[09:00] 종목맨 대표님 좋은 아침입니다
[09:00] 하늘 뉴프렉스 매수 완료
[09:01] 종목맨 오늘도 화이팅
[09:01] 바다 성문 따라 샀어요
[09:02] 종목맨 대유위니아 매수
[09:02] 햇살 오리엔트 상승중
[09:03] 종목맨 ★★★★★★
[09:03] 별빛 뉴프렉스 5% 수익
[09:04] 종목맨 대표님 최고
[09:04] 구름 성문 10% 돌파
[09:05] 종목맨 감사합니다
[09:05] 미니 오리엔트 익절
[09:03] 별빛 뉴프렉스 5% 수익
[09:04] 종목맨 대표님 최고
[09:04] 구름 성문 10% 돌파
[09:05] 종목맨 감사합니다
[09:05] 미니 오리엔트 익절
[09:06] 종목맨 ★★★★★★★
[09:06] 하늘 수익 실현 했어요
[09:07] 종목맨 오늘도 대박
[09:07] 바람 대유위니아 상승
[09:08] 종목맨 대표님 사랑해요
[09:08] 햇살 감사합니다
[09:09] 종목맨 ★★★★★
[09:09] 별빛 성문 익절 완료
[09:10] 종목맨 수익 인증
[09:10] 구름 최고의 방송
[09:00] 종목맨 대표님 좋은 아침입니다
[09:00] 하늘 뉴프렉스 매수 완료
[09:01] 종목맨 오늘도 화이팅
[09:01] 바다 성문 따라 샀어요
[09:02] 종목맨 대유위니아 매수
[09:02] 햇살 오리엔트 상승중
[09:03] 종목맨 ★★★★★★
[09:03] 별빛 뉴프렉스 5% 수익
[09:04] 종목맨 대표님 최고
[09:04] 구름 성문 10% 돌파
[09:05] 종목맨 감사합니다
[09:05] 미니 오리엔트 익절
[09:06] 종목맨 ★★★★★★★
[09:06] 하늘 수익 실현 했어요
[09:07] 종목맨 오늘도 대박
[09:07] 바람 대유위니아 상승
[09:08] 종목맨 대표님 사랑해요
[09:08] 햇살 감사합니다
[09:09] 종목맨 ★★★★★
[09:09] 별빛 성문 익절 완료
[09:10] 종목맨 수익 인증
[09:10] 구름 최고의 방송
[09:00] 종목맨 대표님 좋은 아침입니다
[09:00] 하늘 뉴프렉스 매수 완료
[09:01] 종목맨 오늘도 화이팅
[09:01] 바다 성문 따라 샀어요
[09:02] 종목맨 대유위니아 매수
[09:02] 햇살 오리엔트 상승중
[09:03] 종목맨 ★★★★★★
[09:03] 별빛 뉴프렉스 5% 수익
[09:04] 종목맨 대표님 최고
[09:04] 구름 성문 10% 돌파
[09:05] 종목맨 감사합니다
[09:05] 미니 오리엔트 익절
[09:06] 종목맨 ★★★★★★★
[09:06] 하늘 수익 실현 했어요
[09:07] 종목맨 오늘도 대박
[09:07] 바람 대유위니아 상승
[09:08] 종목맨 대표님 사랑해요
[09:08] 햇살 감사합니다
[09:09] 종목맨 ★★★★★
[09:09] 별빛 성문 익절 완료
[09:10] 종목맨 수익 인증
[09:10] 구름 최고의 방송
[09:00] 종목맨 대표님 좋은 아침입니다
[09:00] 하늘 뉴프렉스 매수 완료
[09:01] 종목맨 오늘도 화이팅
[09:01] 바다 성문 따라 샀어요
[09:02] 종목맨 대유위니아 매수
[09:02] 햇살 오리엔트 상승중
[09:03] 종목맨 ★★★★★★
[09:03] 별빛 뉴프렉스 5% 수익
[09:04] 종목맨 대표님 최고
[09:04] 구름 성문 10% 돌파
[09:05] 종목맨 감사합니다
[09:05] 미니 오리엔트 익절
[09:06] 종목맨 ★★★★★★★
[09:06] 하늘 수익 실현 했어요
[09:07] 종목맨 오늘도 대박
[09:07] 바람 대유위니아 상승
[09:08] 종목맨 대표님 사랑해요
[09:08] 햇살 감사합니다
[09:09] 종목맨 ★★★★★
[09:09] 별빛 성문 익절 완료
[09:10] 종목맨 수익 인증
[09:10] 구름 최고의 방송
[09:00] 종목맨 대표님 좋은 아침입니다
[09:00] 하늘 뉴프렉스 매수 완료
[09:01] 종목맨 오늘도 화이팅
[09:01] 바다 성문 따라 샀어요
[09:02] 종목맨 대유위니아 매수
[09:02] 햇살 오리엔트 상승중
[09:03] 종목맨 ★★★★★★
[09:03] 별빛 뉴프렉스 5% 수익
[09:04] 종목맨 대표님 최고
[09:04] 구름 성문 10% 돌파
[09:05] 종목맨 감사합니다
[09:05] 미니 오리엔트 익절
[09:06] 종목맨 ★★★★★★★
[09:06] 하늘 수익 실현 했어요
[09:07] 종목맨 오늘도 대박
[09:07] 바람 대유위니아 상승
[09:08] 종목맨 대표님 사랑해요
[09:08] 햇살 감사합니다
[09:09] 종목맨 ★★★★★
[09:07] 종목맨 오늘도 대박
[09:07] 바람 대유위니아 상승
[09:08] 종목맨 대표님 사랑해요
[09:08] 햇살 감사합니다
[09:09] 종목맨 ★★★★★
[09:09] 별빛 성문 익절 완료
[09:10] 종목맨 수익 인증
[09:10] 구름 최고의 방송
[09:00] 종목맨 대표님 좋은 아침입니다
[09:00] 하늘 뉴프렉스 매수 완료
[09:01] 종목맨 오늘도 화이팅
[09:01] 바다 성문 따라 샀어요
[09:02] 종목맨 대유위니아 매수
[09:02] 햇살 오리엔트 상승중
[09:03] 종목맨 ★★★★★★
[09:03] 별빛 뉴프렉스 5% 수익
[09:04] 종목맨 대표님 최고
[09:04] 구름 성문 10% 돌파
[09:05] 종목맨 감사합니다
[09:05] 미니 오리엔트 익절
[09:06] 종목맨 ★★★★★★★
[09:06] 하늘 수익 실현 했어요
[09:07] 종목맨 오늘도 대박
[09:07] 바람 대유위니아 상승
[09:08] 종목맨 대표님 사랑해요
[09:08] 햇살 감사합니다
[09:09] 종목맨 ★★★★★
[09:09] 별빛 성문 익절 완료
[09:10] 종목맨 수익 인증
[09:10] 구름 최고의 방송
[09:00] 종목맨 대표님 좋은 아침입니다
[09:00] 하늘 뉴프렉스 매수 완료
[09:01] 종목맨 오늘도 화이팅
[09:01] 바다 성문 따라 샀어요
[09:02] 종목맨 대유위니아 매수
[09:02] 햇살 오리엔트 상승중
[09:03] 종목맨 ★★★★★★
[09:03] 별빛 뉴프렉스 5% 수익
[09:04] 종목맨 대표님 최고
[09:04] 구름 성문 10% 돌파
[09:05] 종목맨 감사합니다
[09:05] 미니 오리엔트 익절
[09:06] 종목맨 ★★★★★★★
[09:06] 하늘 수익 실현 했어요
[09:07] 종목맨 오늘도 대박
[09:07] 바람 대유위니아 상승
[09:08] 종목맨 대표님 사랑해요
[09:08] 햇살 감사합니다
[09:09] 종목맨 ★★★★★
[09:09] 별빛 성문 익절 완료
[09:10] 종목맨 수익 인증
[09:10] 구름 최고의 방송
[09:00] 종목맨 대표님 좋은 아침입니다
[09:00] 하늘 뉴프렉스 매수 완료
[09:01] 종목맨 오늘도 화이팅
[09:01] 바다 성문 따라 샀어요
[09:02] 종목맨 대유위니아 매수
[09:02] 햇살 오리엔트 상승중
[09:03] 종목맨 ★★★★★★
[09:03] 별빛 뉴프렉스 5% 수익
[09:04] 종목맨 대표님 최고
[09:04] 구름 성문 10% 돌파
[09:05] 종목맨 감사합니다
[09:05] 미니 오리엔트 익절
[09:06] 종목맨 ★★★★★★★
[09:06] 하늘 수익 실현 했어요
[09:07] 종목맨 오늘도 대박
[09:07] 바람 대유위니아 상승
[09:08] 종목맨 대표님 사랑해요
[09:08] 햇살 감사합니다
[09:09] 종목맨 ★★★★★
[09:09] 별빛 성문 익절 완료
[09:10] 종목맨 수익 인증
[09:10] 구름 최고의 방송
[09:00] 종목맨 대표님 좋은 아침입니다
[09:00] 하늘 뉴프렉스 매수 완료
[09:01] 종목맨 오늘도 화이팅
[09:01] 바다 성문 따라 샀어요
[09:02] 종목맨 대유위니아 매수
[09:02] 햇살 오리엔트 상승중
[09:03] 종목맨 ★★★★★★
[09:03] 별빛 뉴프렉스 5% 수익
[09:04] 종목맨 대표님 최고
[09:04] 구름 성문 10% 돌파
[09:05] 종목맨 감사합니다
[09:05] 미니 오리엔트 익절
[09:06] 종목맨 ★★★★★★★
[09:06] 하늘 수익 실현 했어요
[09:07] 종목맨 오늘도 대박
[09:07] 바람 대유위니아 상승
[09:08] 종목맨 대표님 사랑해요
[09:08] 햇살 감사합니다
[09:09] 종목맨 ★★★★★
[09:09] 별빛 성문 익절 완료
[09:10] 종목맨 수익 인증
[09:10] 구름 최고의 방송
[09:00] 종목맨 대표님 좋은 아침입니다
[09:00] 하늘 뉴프렉스 매수 완료
[09:01] 종목맨 오늘도 화이팅
[09:01] 바다 성문 따라 샀어요
< 11월 20일 >
[09:00] 종목맨 대표님 오늘도 부탁드려요
[09:00] 하늘 대성엔지 매수
[09:01] 종목맨 에이디칩스 매수 완료
[09:01] 바다 에프엔씨 따라 샀어요
[09:02] 종목맨 ★★★★★★
[09:02] 햇살 일진머티리얼즈 매수
[09:03] 종목맨 대표님 최고
[09:03] 별빛 에이디칩스 10% 수익
[09:04] 종목맨 감사합니다
[09:04] 구름 에프엔씨 상승중
[09:05] 종목맨 ★★★★★★★
[09:05] 미니 대성엔지 익절
[09:06] 종목맨 오늘도 대박
[09:06] 하늘 금주 수익 최고
[09:07] 종목맨 대표님 사랑합니다
[09:07] 바람 전체 수익 실현
[09:08] 종목맨 ★★★★★
[09:08] 햇살 감사합니다 대표님
[09:09] 종목맨 수익 인증합니다
[09:09] 별빛 최고의 한 주
[09:10] 종목맨 ★★★★★★★★
[09:10] 구름 다음주도 부탁드려요
[09:11] 종목맨 대표님 감사
[09:11] 미니 주말 잘 보내세요
[09:00] 종목맨 대표님 오늘도 부탁드려요
[09:00] 하늘 대성엔지 매수
[09:01] 종목맨 에이디칩스 매수 완료
[09:01] 바다 에프엔씨 따라 샀어요
[09:02] 종목맨 ★★★★★★
[09:02] 햇살 일진머티리얼즈 매수
[09:03] 종목맨 대표님 최고
[09:04] 종목맨 감사합니다
[09:04] 구름 에프엔씨 상승중
[09:05] 종목맨 ★★★★★★★
[09:05] 미니 대성엔지 익절
[09:06] 종목맨 오늘도 대박
[09:06] 하늘 금주 수익 최고
[09:07] 종목맨 대표님 사랑합니다
[09:07] 바람 전체 수익 실현
[09:08] 종목맨 ★★★★★
[09:08] 햇살 감사합니다 대표님
[09:09] 종목맨 수익 인증합니다
[09:09] 별빛 최고의 한 주
[09:10] 종목맨 ★★★★★★★★
[09:10] 구름 다음주도 부탁드려요
[09:11] 종목맨 대표님 감사
[09:11] 미니 주말 잘 보내세요
[09:00] 종목맨 대표님 오늘도 부탁드려요
[09:00] 하늘 대성엔지 매수
[09:01] 종목맨 에이디칩스 매수 완료
[09:01] 바다 에프엔씨 따라 샀어요
[09:02] 종목맨 ★★★★★★
[09:02] 햇살 일진머티리얼즈 매수
[09:03] 종목맨 대표님 최고
[09:03] 별빛 에이디칩스 10% 수익
[09:04] 종목맨 감사합니다
[09:04] 구름 에프엔씨 상승중
[09:05] 종목맨 ★★★★★★★
[09:05] 미니 대성엔지 익절
[09:06] 종목맨 오늘도 대박
[09:06] 하늘 금주 수익 최고
[09:07] 종목맨 대표님 사랑합니다
[09:08] 종목맨 ★★★★★
[09:08] 햇살 감사합니다 대표님
[09:09] 종목맨 수익 인증합니다
[09:09] 별빛 최고의 한 주
[09:10] 종목맨 ★★★★★★★★
[09:10] 구름 다음주도 부탁드려요
[09:11] 종목맨 대표님 감사
[09:11] 미니 주말 잘 보내세요
[09:00] 종목맨 대표님 오늘도 부탁드려요
[09:00] 하늘 대성엔지 매수
[09:01] 종목맨 에이디칩스 매수 완료
[09:01] 바다 에프엔씨 따라 샀어요
[09:02] 종목맨 ★★★★★★
[09:02] 햇살 일진머티리얼즈 매수
[09:03] 종목맨 대표님 최고
[09:03] 별빛 에이디칩스 10% 수익
[09:04] 종목맨 감사합니다
[09:04] 구름 에프엔씨 상승중
[09:05] 종목맨 ★★★★★★★
[09:05] 미니 대성엔지 익절
[09:06] 종목맨 오늘도 대박
[09:06] 하늘 금주 수익 최고
[09:07] 종목맨 대표님 사랑합니다
[09:07] 바람 전체 수익 실현
[09:08] 종목맨 ★★★★★
[09:08] 햇살 감사합니다 대표님
[09:09] 종목맨 수익 인증합니다
[09:09] 별빛 최고의 한 주
[09:10] 종목맨 ★★★★★★★★
[09:10] 구름 다음주도 부탁드려요
[09:11] 종목맨 대표님 감사
